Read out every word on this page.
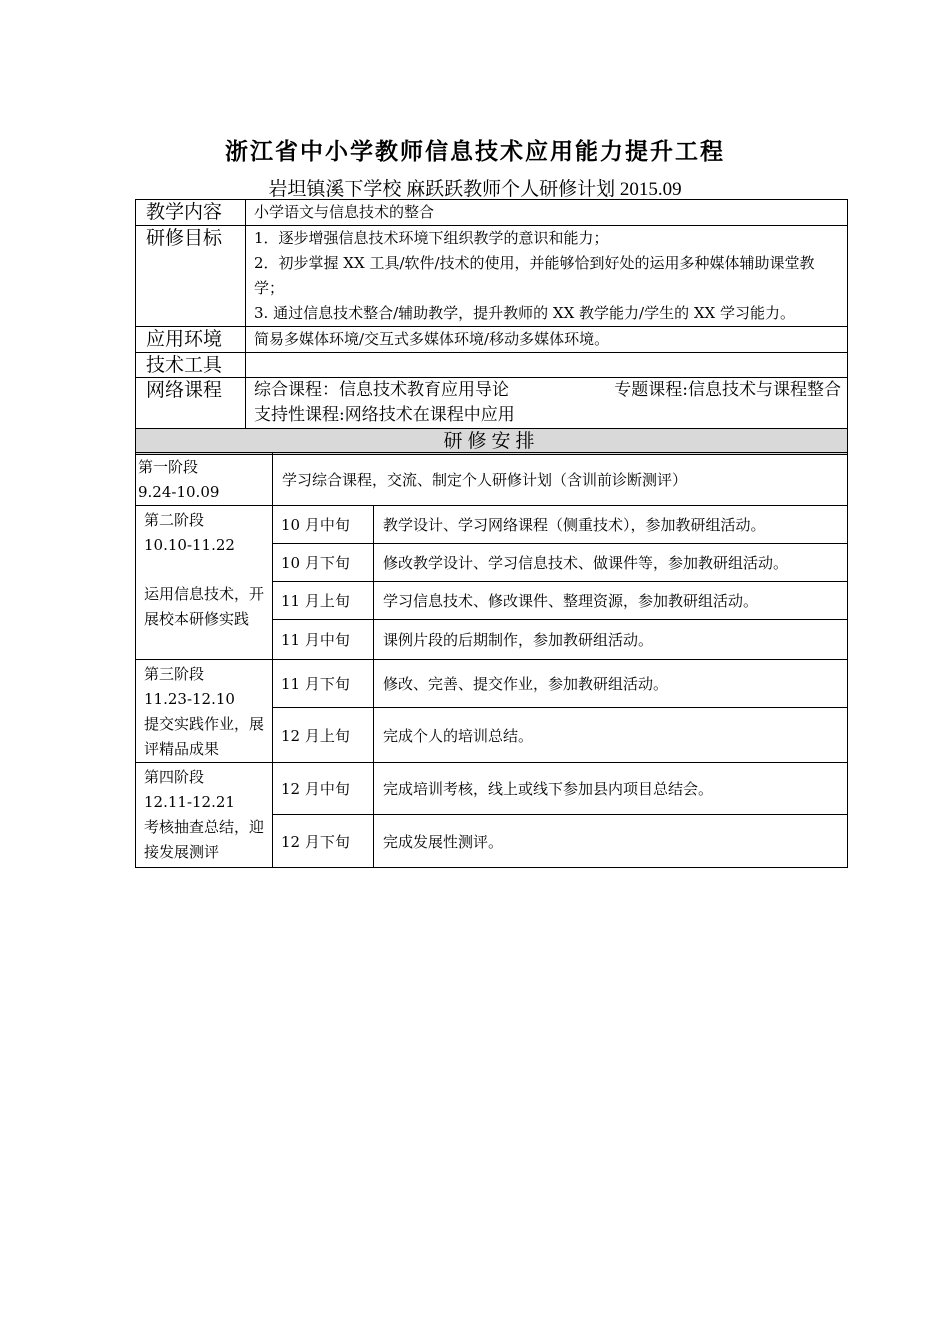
浙江省中小学教师信息技术应用能力提升工程
岩坦镇溪下学校 麻跃跃教师个人研修计划 2015.09
教学内容	小学语文与信息技术的整合
研修目标	1．逐步增强信息技术环境下组织教学的意识和能力；
2．初步掌握 XX 工具/软件/技术的使用，并能够恰到好处的运用多种媒体辅助课堂教学；
3. 通过信息技术整合/辅助教学，提升教师的 XX 教学能力/学生的 XX 学习能力。

应用环境	简易多媒体环境/交互式多媒体环境/移动多媒体环境。
技术工具	
网络课程	综合课程：信息技术教育应用导论 专题课程:信息技术与课程整合
支持性课程:网络技术在课程中应用

研修安排	
第一阶段
9.24-10.09	学习综合课程，交流、制定个人研修计划（含训前诊断测评）	

第二阶段
10.10-11.22
运用信息技术，开展校本研修实践	10 月中旬	教学设计、学习网络课程（侧重技术），参加教研组活动。
	10 月下旬	修改教学设计、学习信息技术、做课件等，参加教研组活动。
	11 月上旬	学习信息技术、修改课件、整理资源，参加教研组活动。
	11 月中旬	课例片段的后期制作，参加教研组活动。

第三阶段
11.23-12.10
提交实践作业，展评精品成果	11 月下旬	修改、完善、提交作业，参加教研组活动。
	12 月上旬	完成个人的培训总结。

第四阶段
12.11-12.21
考核抽查总结，迎接发展测评	12 月中旬	完成培训考核，线上或线下参加县内项目总结会。
	12 月下旬	完成发展性测评。
